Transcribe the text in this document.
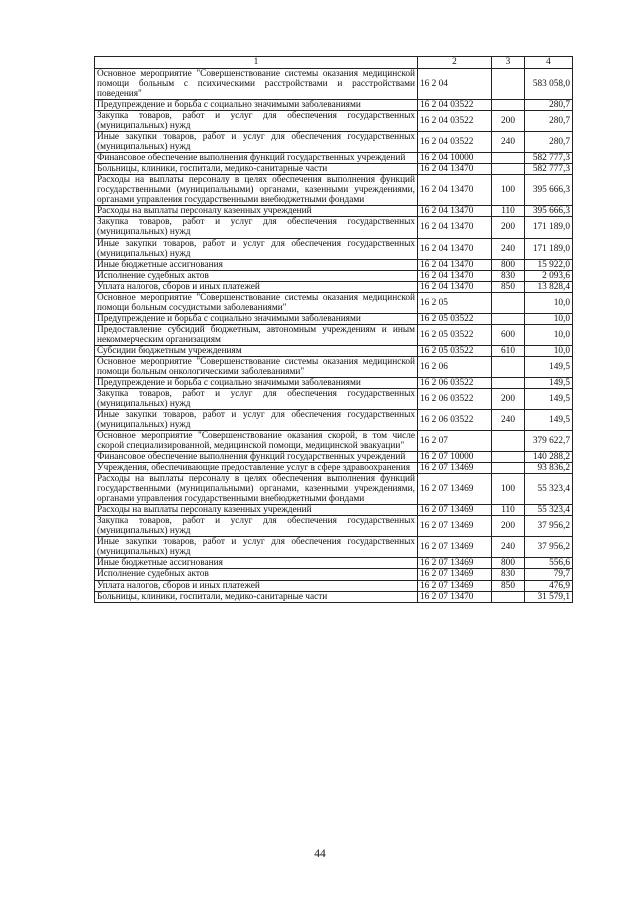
1	2	3	4
Основное мероприятие "Совершенствование системы оказания медицинской помощи больным с психическими расстройствами и расстройствами поведения"	16 2 04		583 058,0
Предупреждение и борьба с социально значимыми заболеваниями	16 2 04 03522		280,7
Закупка товаров, работ и услуг для обеспечения государственных (муниципальных) нужд	16 2 04 03522	200	280,7
Иные закупки товаров, работ и услуг для обеспечения государственных (муниципальных) нужд	16 2 04 03522	240	280,7
Финансовое обеспечение выполнения функций государственных учреждений	16 2 04 10000		582 777,3
Больницы, клиники, госпитали, медико-санитарные части	16 2 04 13470		582 777,3
Расходы на выплаты персоналу в целях обеспечения выполнения функций государственными (муниципальными) органами, казенными учреждениями, органами управления государственными внебюджетными фондами	16 2 04 13470	100	395 666,3
Расходы на выплаты персоналу казенных учреждений	16 2 04 13470	110	395 666,3
Закупка товаров, работ и услуг для обеспечения государственных (муниципальных) нужд	16 2 04 13470	200	171 189,0
Иные закупки товаров, работ и услуг для обеспечения государственных (муниципальных) нужд	16 2 04 13470	240	171 189,0
Иные бюджетные ассигнования	16 2 04 13470	800	15 922,0
Исполнение судебных актов	16 2 04 13470	830	2 093,6
Уплата налогов, сборов и иных платежей	16 2 04 13470	850	13 828,4
Основное мероприятие "Совершенствование системы оказания медицинской помощи больным сосудистыми заболеваниями"	16 2 05		10,0
Предупреждение и борьба с социально значимыми заболеваниями	16 2 05 03522		10,0
Предоставление субсидий бюджетным, автономным учреждениям и иным некоммерческим организациям	16 2 05 03522	600	10,0
Субсидии бюджетным учреждениям	16 2 05 03522	610	10,0
Основное мероприятие "Совершенствование системы оказания медицинской помощи больным онкологическими заболеваниями"	16 2 06		149,5
Предупреждение и борьба с социально значимыми заболеваниями	16 2 06 03522		149,5
Закупка товаров, работ и услуг для обеспечения государственных (муниципальных) нужд	16 2 06 03522	200	149,5
Иные закупки товаров, работ и услуг для обеспечения государственных (муниципальных) нужд	16 2 06 03522	240	149,5
Основное мероприятие "Совершенствование оказания скорой, в том числе скорой специализированной, медицинской помощи, медицинской эвакуации"	16 2 07		379 622,7
Финансовое обеспечение выполнения функций государственных учреждений	16 2 07 10000		140 288,2
Учреждения, обеспечивающие предоставление услуг в сфере здравоохранения	16 2 07 13469		93 836,2
Расходы на выплаты персоналу в целях обеспечения выполнения функций государственными (муниципальными) органами, казенными учреждениями, органами управления государственными внебюджетными фондами	16 2 07 13469	100	55 323,4
Расходы на выплаты персоналу казенных учреждений	16 2 07 13469	110	55 323,4
Закупка товаров, работ и услуг для обеспечения государственных (муниципальных) нужд	16 2 07 13469	200	37 956,2
Иные закупки товаров, работ и услуг для обеспечения государственных (муниципальных) нужд	16 2 07 13469	240	37 956,2
Иные бюджетные ассигнования	16 2 07 13469	800	556,6
Исполнение судебных актов	16 2 07 13469	830	79,7
Уплата налогов, сборов и иных платежей	16 2 07 13469	850	476,9
Больницы, клиники, госпитали, медико-санитарные части	16 2 07 13470		31 579,1
44
